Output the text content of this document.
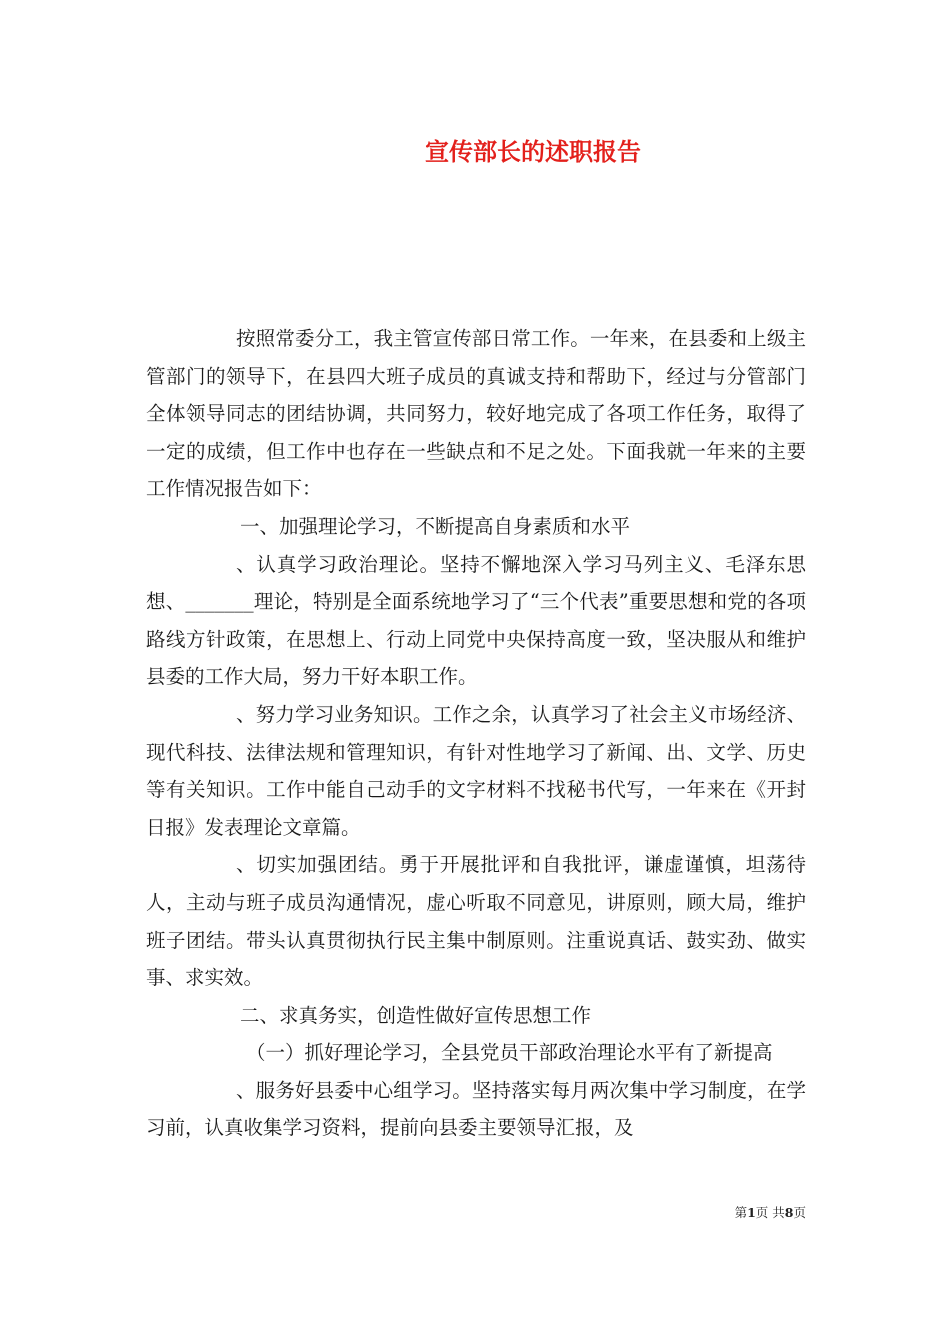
宣传部长的述职报告

按照常委分工，我主管宣传部日常工作。一年来，在县委和上级主管部门的领导下，在县四大班子成员的真诚支持和帮助下，经过与分管部门全体领导同志的团结协调，共同努力，较好地完成了各项工作任务，取得了一定的成绩，但工作中也存在一些缺点和不足之处。下面我就一年来的主要工作情况报告如下：

一、加强理论学习，不断提高自身素质和水平

、认真学习政治理论。坚持不懈地深入学习马列主义、毛泽东思想、_______理论，特别是全面系统地学习了“三个代表”重要思想和党的各项路线方针政策，在思想上、行动上同党中央保持高度一致，坚决服从和维护县委的工作大局，努力干好本职工作。

、努力学习业务知识。工作之余，认真学习了社会主义市场经济、现代科技、法律法规和管理知识，有针对性地学习了新闻、出、文学、历史等有关知识。工作中能自己动手的文字材料不找秘书代写，一年来在《开封日报》发表理论文章篇。

、切实加强团结。勇于开展批评和自我批评，谦虚谨慎，坦荡待人，主动与班子成员沟通情况，虚心听取不同意见，讲原则，顾大局，维护班子团结。带头认真贯彻执行民主集中制原则。注重说真话、鼓实劲、做实事、求实效。

二、求真务实，创造性做好宣传思想工作

（一）抓好理论学习，全县党员干部政治理论水平有了新提高

、服务好县委中心组学习。坚持落实每月两次集中学习制度，在学习前，认真收集学习资料，提前向县委主要领导汇报，及

第1页 共8页
